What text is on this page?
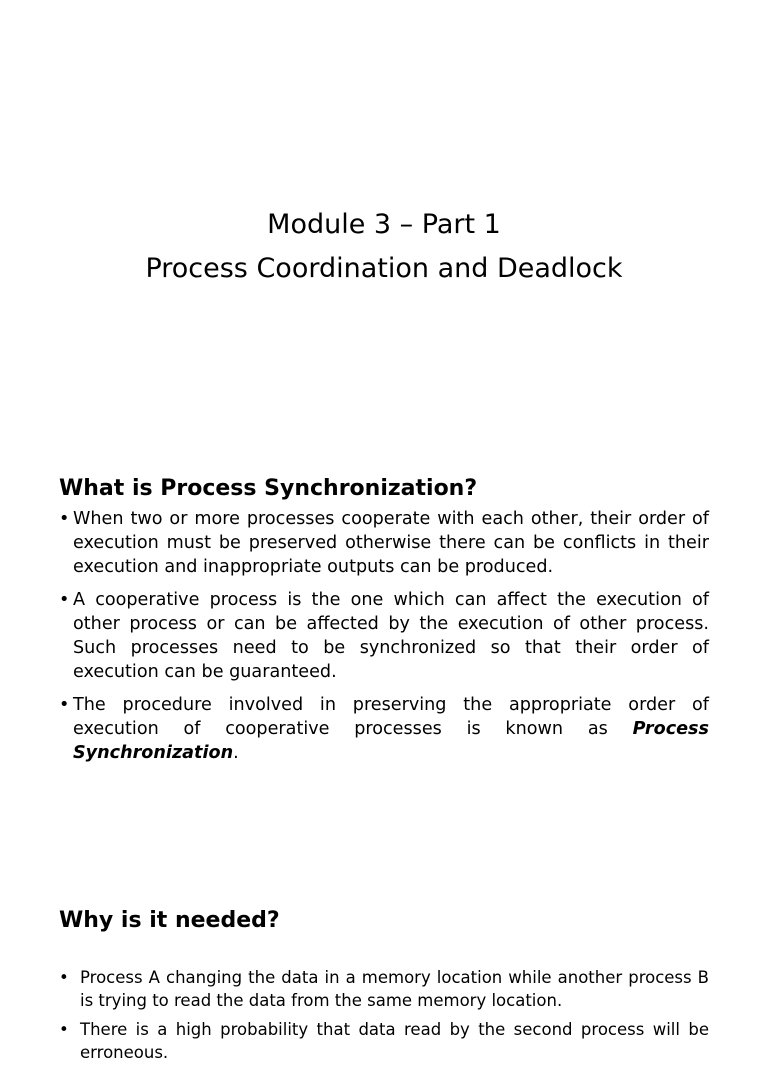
Module 3 – Part 1
Process Coordination and Deadlock
What is Process Synchronization?
• When two or more processes cooperate with each other, their order of execution must be preserved otherwise there can be conflicts in their execution and inappropriate outputs can be produced.
• A cooperative process is the one which can affect the execution of other process or can be affected by the execution of other process. Such processes need to be synchronized so that their order of execution can be guaranteed.
• The procedure involved in preserving the appropriate order of execution of cooperative processes is known as Process Synchronization.
Why is it needed?
• Process A changing the data in a memory location while another process B is trying to read the data from the same memory location.
• There is a high probability that data read by the second process will be erroneous.
